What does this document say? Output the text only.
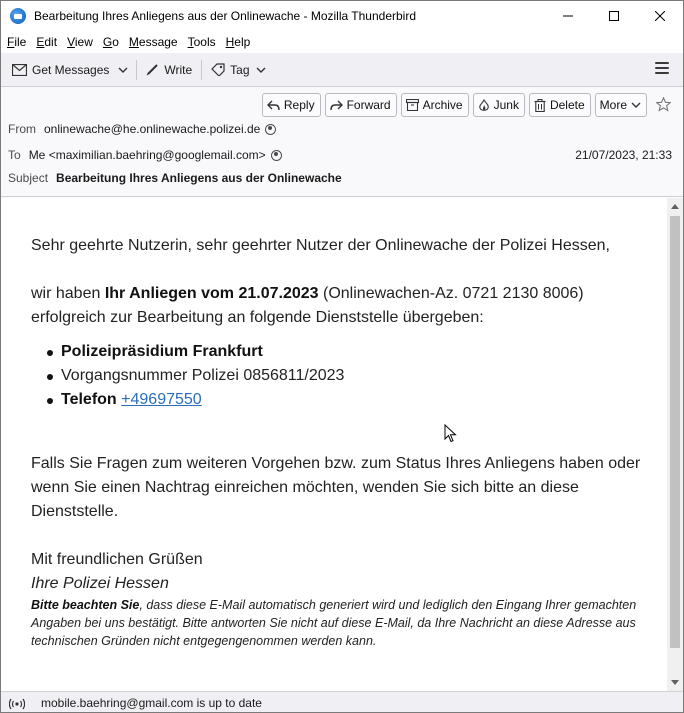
Bearbeitung Ihres Anliegens aus der Onlinewache - Mozilla Thunderbird
File Edit View Go Message Tools Help
Get Messages	Write	Tag
Reply	Forward	Archive	Junk	Delete More
From onlinewache@he.onlinewache.polizei.de
To Me <maximilian.baehring@googlemail.com>	21/07/2023, 21:33
Subject Bearbeitung Ihres Anliegens aus der Onlinewache

Sehr geehrte Nutzerin, sehr geehrter Nutzer der Onlinewache der Polizei Hessen,

wir haben Ihr Anliegen vom 21.07.2023 (Onlinewachen-Az. 0721 2130 8006) erfolgreich zur Bearbeitung an folgende Dienststelle übergeben:

Polizeipräsidium Frankfurt
Vorgangsnummer Polizei 0856811/2023
Telefon +49697550

Falls Sie Fragen zum weiteren Vorgehen bzw. zum Status Ihres Anliegens haben oder wenn Sie einen Nachtrag einreichen möchten, wenden Sie sich bitte an diese Dienststelle.

Mit freundlichen Grüßen

Ihre Polizei Hessen

Bitte beachten Sie, dass diese E-Mail automatisch generiert wird und lediglich den Eingang Ihrer gemachten Angaben bei uns bestätigt. Bitte antworten Sie nicht auf diese E-Mail, da Ihre Nachricht an diese Adresse aus technischen Gründen nicht entgegengenommen werden kann.

mobile.baehring@gmail.com is up to date
